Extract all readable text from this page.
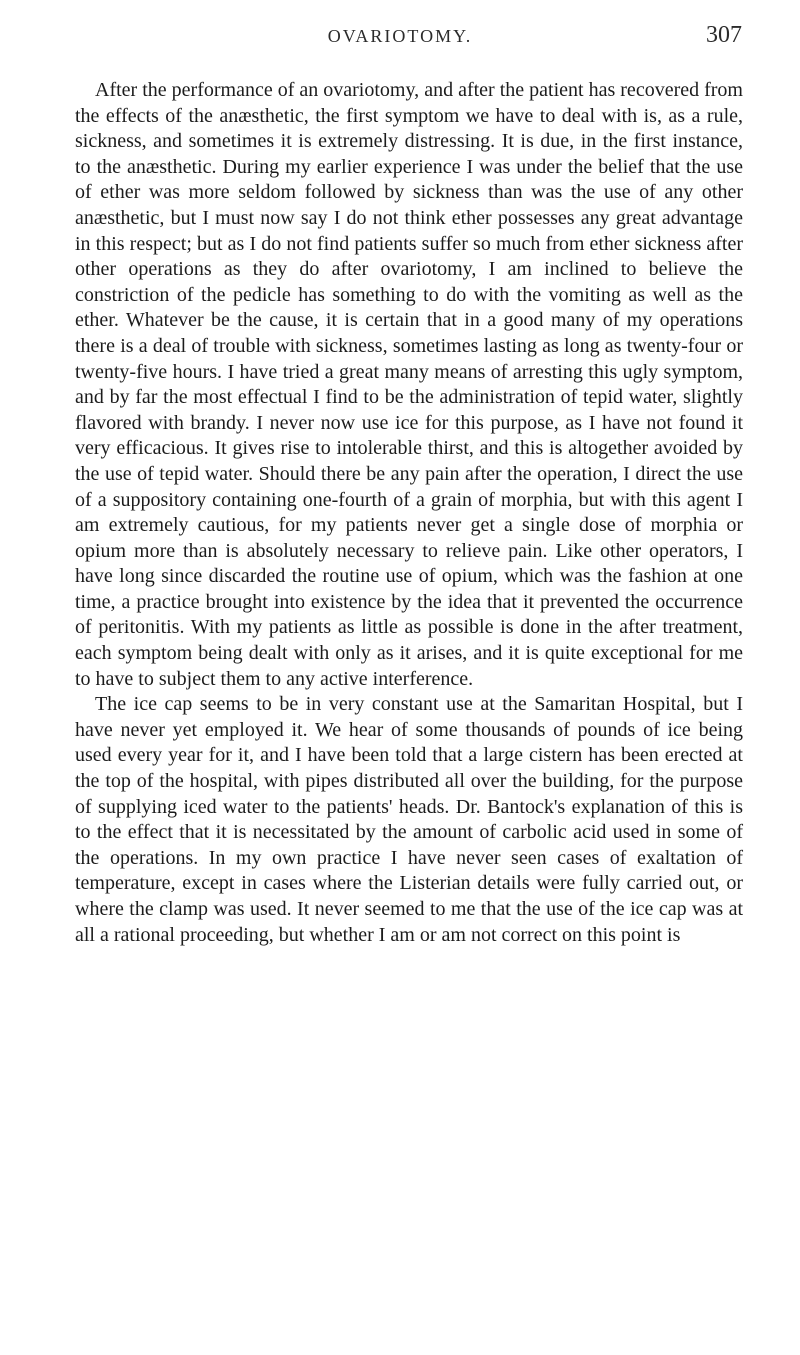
OVARIOTOMY.	307

After the performance of an ovariotomy, and after the patient has recovered from the effects of the anæsthetic, the first symptom we have to deal with is, as a rule, sickness, and sometimes it is extremely distressing. It is due, in the first instance, to the anæsthetic. During my earlier experience I was under the belief that the use of ether was more seldom followed by sickness than was the use of any other anæsthetic, but I must now say I do not think ether possesses any great advantage in this respect; but as I do not find patients suffer so much from ether sickness after other operations as they do after ovariotomy, I am inclined to believe the constriction of the pedicle has something to do with the vomiting as well as the ether. Whatever be the cause, it is certain that in a good many of my operations there is a deal of trouble with sickness, sometimes lasting as long as twenty-four or twenty-five hours. I have tried a great many means of arresting this ugly symptom, and by far the most effectual I find to be the administration of tepid water, slightly flavored with brandy. I never now use ice for this purpose, as I have not found it very efficacious. It gives rise to intolerable thirst, and this is altogether avoided by the use of tepid water. Should there be any pain after the operation, I direct the use of a suppository containing one-fourth of a grain of morphia, but with this agent I am extremely cautious, for my patients never get a single dose of morphia or opium more than is absolutely necessary to relieve pain. Like other operators, I have long since discarded the routine use of opium, which was the fashion at one time, a practice brought into existence by the idea that it prevented the occurrence of peritonitis. With my patients as little as possible is done in the after treatment, each symptom being dealt with only as it arises, and it is quite exceptional for me to have to subject them to any active interference.

The ice cap seems to be in very constant use at the Samaritan Hospital, but I have never yet employed it. We hear of some thousands of pounds of ice being used every year for it, and I have been told that a large cistern has been erected at the top of the hospital, with pipes distributed all over the building, for the purpose of supplying iced water to the patients' heads. Dr. Bantock's explanation of this is to the effect that it is necessitated by the amount of carbolic acid used in some of the operations. In my own practice I have never seen cases of exaltation of temperature, except in cases where the Listerian details were fully carried out, or where the clamp was used. It never seemed to me that the use of the ice cap was at all a rational proceeding, but whether I am or am not correct on this point is
